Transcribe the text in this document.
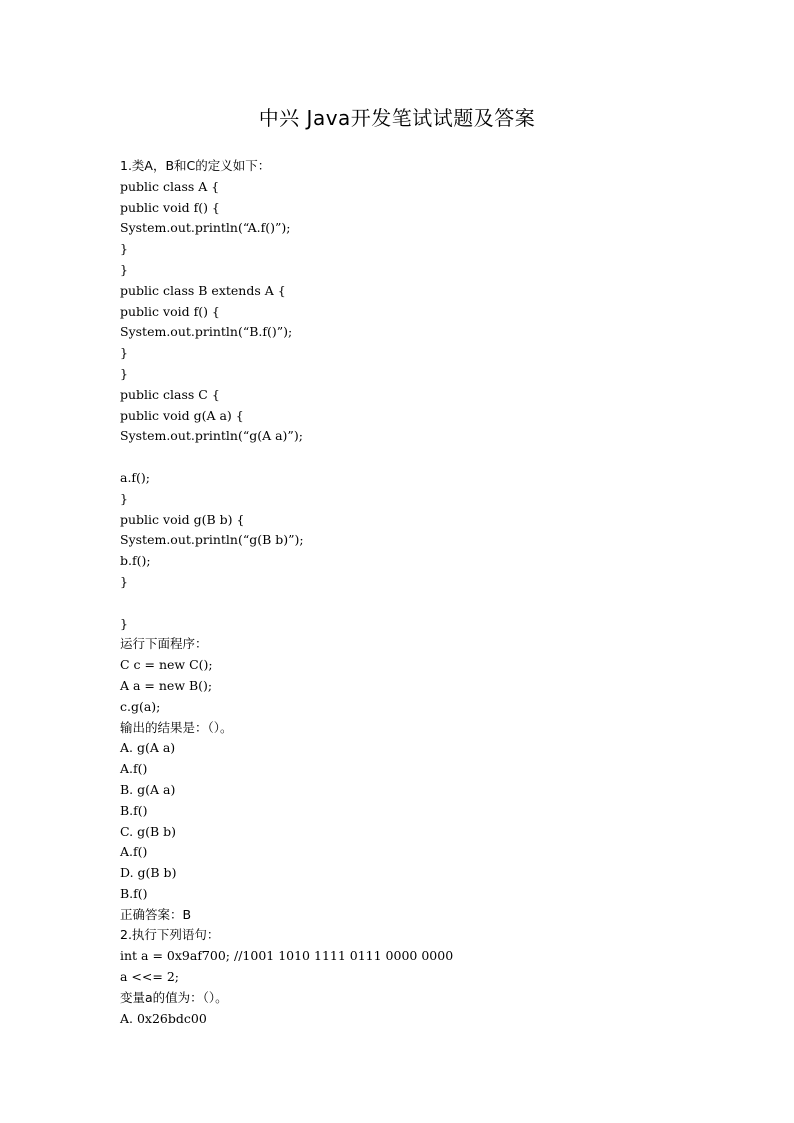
中兴 Java开发笔试试题及答案
1.类A，B和C的定义如下：
public class A {
public void f() {
System.out.println(“A.f()”);
}
}
public class B extends A {
public void f() {
System.out.println(“B.f()”);
}
}
public class C {
public void g(A a) {
System.out.println(“g(A a)”);
a.f();
}
public void g(B b) {
System.out.println(“g(B b)”);
b.f();
}
}
运行下面程序：
C c = new C();
A a = new B();
c.g(a);
输出的结果是：（）。
A. g(A a)
A.f()
B. g(A a)
B.f()
C. g(B b)
A.f()
D. g(B b)
B.f()
正确答案：B
2.执行下列语句：
int a = 0x9af700; //1001 1010 1111 0111 0000 0000
a <<= 2;
变量a的值为：（）。
A. 0x26bdc00
